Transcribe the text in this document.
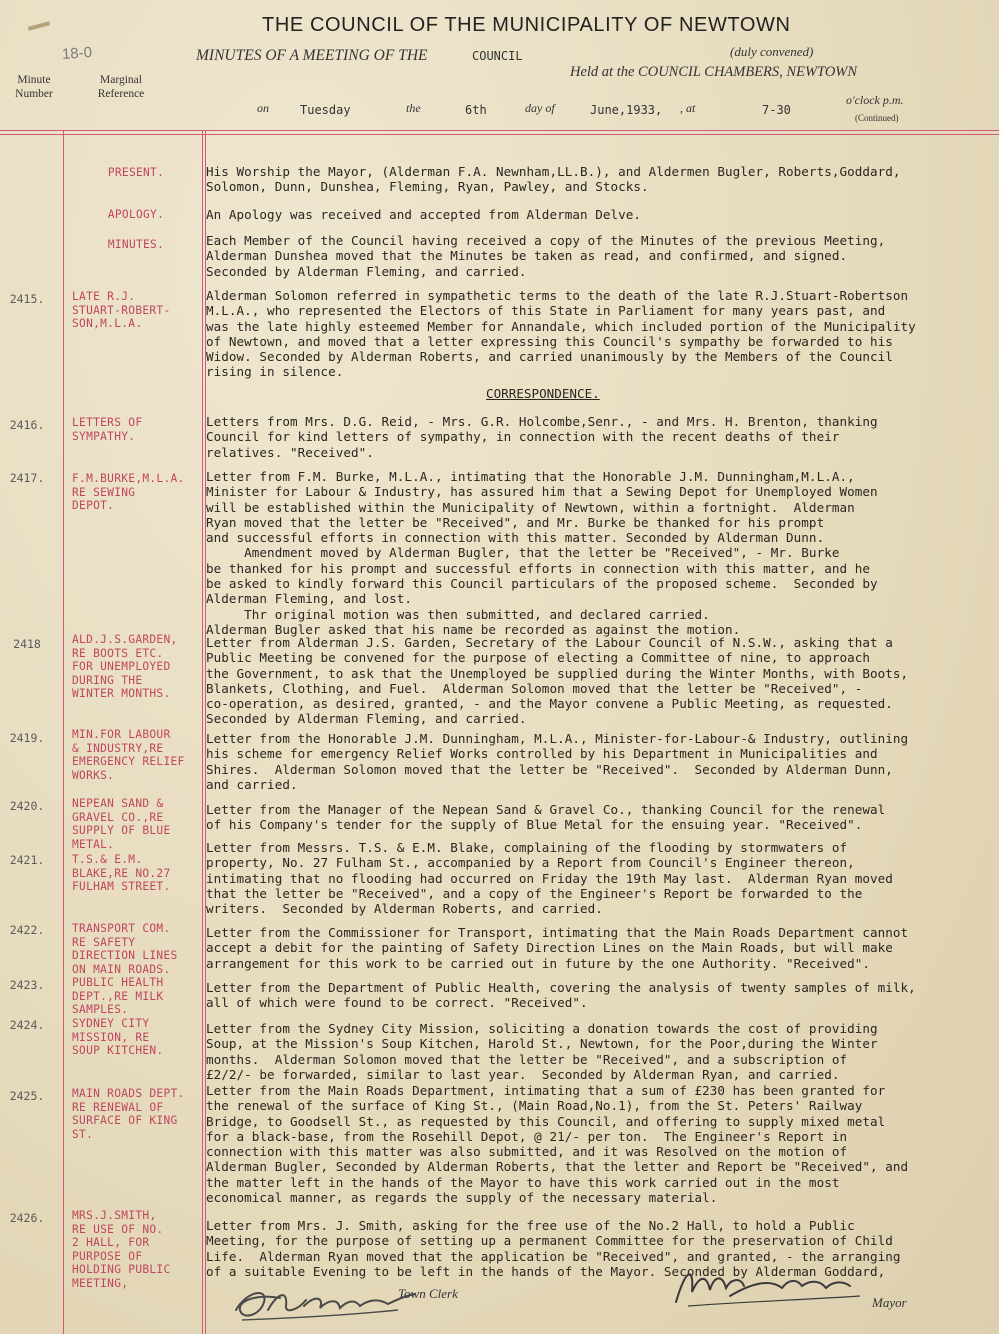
18-0
THE COUNCIL OF THE MUNICIPALITY OF NEWTOWN
MINUTES OF A MEETING OF THE	COUNCIL	(duly convened)
Held at the COUNCIL CHAMBERS, NEWTOWN
Minute Number
Marginal Reference
on	Tuesday	the	6th	day of	June,1933, , at	7-30
o'clock p.m.
(Continued)
PRESENT.	His Worship the Mayor, (Alderman F.A. Newnham,LL.B.), and Aldermen Bugler, Roberts,Goddard,
Solomon, Dunn, Dunshea, Fleming, Ryan, Pawley, and Stocks.
APOLOGY.	An Apology was received and accepted from Alderman Delve.
MINUTES.	Each Member of the Council having received a copy of the Minutes of the previous Meeting,
Alderman Dunshea moved that the Minutes be taken as read, and confirmed, and signed.
Seconded by Alderman Fleming, and carried.
2415.	LATE R.J.
STUART-ROBERT-
SON,M.L.A.
Alderman Solomon referred in sympathetic terms to the death of the late R.J.Stuart-Robertson
M.L.A., who represented the Electors of this State in Parliament for many years past, and
was the late highly esteemed Member for Annandale, which included portion of the Municipality
of Newtown, and moved that a letter expressing this Council's sympathy be forwarded to his
Widow. Seconded by Alderman Roberts, and carried unanimously by the Members of the Council
rising in silence.
CORRESPONDENCE.
2416.	LETTERS OF
SYMPATHY.
Letters from Mrs. D.G. Reid, - Mrs. G.R. Holcombe,Senr., - and Mrs. H. Brenton, thanking
Council for kind letters of sympathy, in connection with the recent deaths of their
relatives. "Received".
2417.	F.M.BURKE,M.L.A.
RE SEWING
DEPOT.
Letter from F.M. Burke, M.L.A., intimating that the Honorable J.M. Dunningham,M.L.A.,
Minister for Labour & Industry, has assured him that a Sewing Depot for Unemployed Women
will be established within the Municipality of Newtown, within a fortnight.  Alderman
Ryan moved that the letter be "Received", and Mr. Burke be thanked for his prompt
and successful efforts in connection with this matter. Seconded by Alderman Dunn.
Amendment moved by Alderman Bugler, that the letter be "Received", - Mr. Burke
be thanked for his prompt and successful efforts in connection with this matter, and he
be asked to kindly forward this Council particulars of the proposed scheme.  Seconded by
Alderman Fleming, and lost.
Thr original motion was then submitted, and declared carried.
Alderman Bugler asked that his name be recorded as against the motion.
2418	ALD.J.S.GARDEN,
RE BOOTS ETC.
FOR UNEMPLOYED
DURING THE
WINTER MONTHS.
Letter from Alderman J.S. Garden, Secretary of the Labour Council of N.S.W., asking that a
Public Meeting be convened for the purpose of electing a Committee of nine, to approach
the Government, to ask that the Unemployed be supplied during the Winter Months, with Boots,
Blankets, Clothing, and Fuel.  Alderman Solomon moved that the letter be "Received", -
co-operation, as desired, granted, - and the Mayor convene a Public Meeting, as requested.
Seconded by Alderman Fleming, and carried.
2419.	MIN.FOR LABOUR
& INDUSTRY,RE
EMERGENCY RELIEF
WORKS.
Letter from the Honorable J.M. Dunningham, M.L.A., Minister-for-Labour-& Industry, outlining
his scheme for emergency Relief Works controlled by his Department in Municipalities and
Shires.  Alderman Solomon moved that the letter be "Received".  Seconded by Alderman Dunn,
and carried.
2420.	NEPEAN SAND &
GRAVEL CO.,RE
SUPPLY OF BLUE
METAL.
Letter from the Manager of the Nepean Sand & Gravel Co., thanking Council for the renewal
of his Company's tender for the supply of Blue Metal for the ensuing year. "Received".
2421.	T.S.& E.M.
BLAKE,RE NO.27
FULHAM STREET.
Letter from Messrs. T.S. & E.M. Blake, complaining of the flooding by stormwaters of
property, No. 27 Fulham St., accompanied by a Report from Council's Engineer thereon,
intimating that no flooding had occurred on Friday the 19th May last.  Alderman Ryan moved
that the letter be "Received", and a copy of the Engineer's Report be forwarded to the
writers.  Seconded by Alderman Roberts, and carried.
2422.	TRANSPORT COM.
RE SAFETY
DIRECTION LINES
ON MAIN ROADS.
Letter from the Commissioner for Transport, intimating that the Main Roads Department cannot
accept a debit for the painting of Safety Direction Lines on the Main Roads, but will make
arrangement for this work to be carried out in future by the one Authority. "Received".
2423.	PUBLIC HEALTH
DEPT.,RE MILK
SAMPLES.
Letter from the Department of Public Health, covering the analysis of twenty samples of milk,
all of which were found to be correct. "Received".
2424.	SYDNEY CITY
MISSION, RE
SOUP KITCHEN.
Letter from the Sydney City Mission, soliciting a donation towards the cost of providing
Soup, at the Mission's Soup Kitchen, Harold St., Newtown, for the Poor,during the Winter
months.  Alderman Solomon moved that the letter be "Received", and a subscription of
£2/2/- be forwarded, similar to last year.  Seconded by Alderman Ryan, and carried.
2425.	MAIN ROADS DEPT.
RE RENEWAL OF
SURFACE OF KING
ST.
Letter from the Main Roads Department, intimating that a sum of £230 has been granted for
the renewal of the surface of King St., (Main Road,No.1), from the St. Peters' Railway
Bridge, to Goodsell St., as requested by this Council, and offering to supply mixed metal
for a black-base, from the Rosehill Depot, @ 21/- per ton.  The Engineer's Report in
connection with this matter was also submitted, and it was Resolved on the motion of
Alderman Bugler, Seconded by Alderman Roberts, that the letter and Report be "Received", and
the matter left in the hands of the Mayor to have this work carried out in the most
economical manner, as regards the supply of the necessary material.
2426.	MRS.J.SMITH,
RE USE OF NO.
2 HALL, FOR
PURPOSE OF
HOLDING PUBLIC
MEETING,
Letter from Mrs. J. Smith, asking for the free use of the No.2 Hall, to hold a Public
Meeting, for the purpose of setting up a permanent Committee for the preservation of Child
Life.  Alderman Ryan moved that the application be "Received", and granted, - the arranging
of a suitable Evening to be left in the hands of the Mayor. Seconded by Alderman Goddard,
Town Clerk
Mayor
